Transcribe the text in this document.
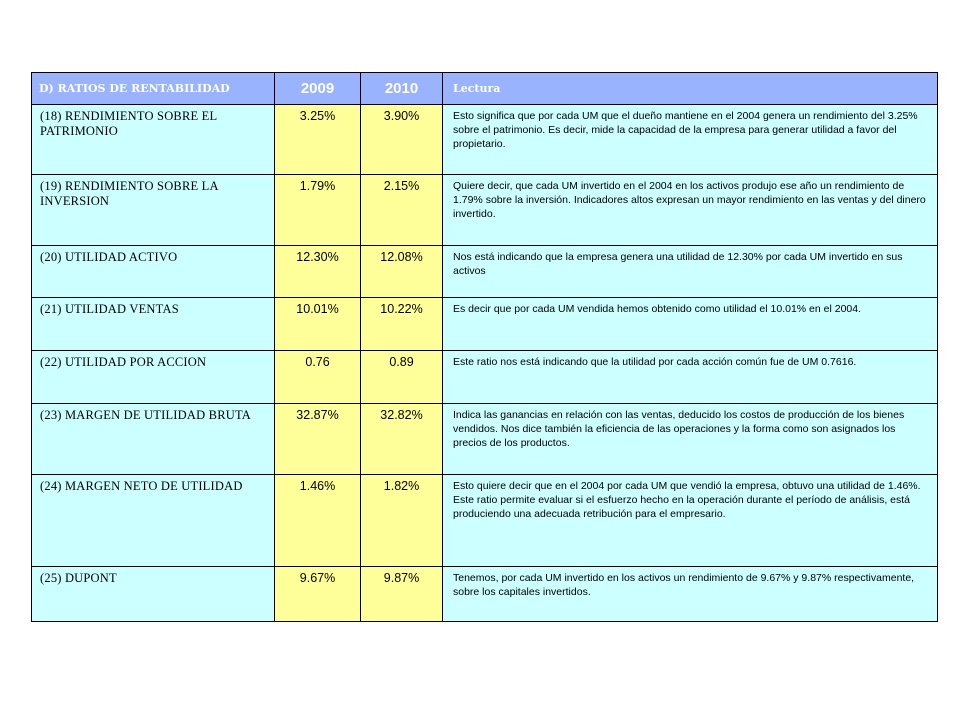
D) RATIOS DE RENTABILIDAD	2009	2010	Lectura
(18) RENDIMIENTO SOBRE EL PATRIMONIO	3.25%	3.90%	Esto significa que por cada UM que el dueño mantiene en el 2004 genera un rendimiento del 3.25% sobre el patrimonio. Es decir, mide la capacidad de la empresa para generar utilidad a favor del propietario.
(19) RENDIMIENTO SOBRE LA INVERSION	1.79%	2.15%	Quiere decir, que cada UM invertido en el 2004 en los activos produjo ese año un rendimiento de 1.79% sobre la inversión. Indicadores altos expresan un mayor rendimiento en las ventas y del dinero invertido.
(20) UTILIDAD ACTIVO	12.30%	12.08%	Nos está indicando que la empresa genera una utilidad de 12.30% por cada UM invertido en sus activos
(21) UTILIDAD VENTAS	10.01%	10.22%	Es decir que por cada UM vendida hemos obtenido como utilidad el 10.01% en el 2004.
(22) UTILIDAD POR ACCION	0.76	0.89	Este ratio nos está indicando que la utilidad por cada acción común fue de UM 0.7616.
(23) MARGEN DE UTILIDAD BRUTA	32.87%	32.82%	Indica las ganancias en relación con las ventas, deducido los costos de producción de los bienes vendidos. Nos dice también la eficiencia de las operaciones y la forma como son asignados los precios de los productos.
(24) MARGEN NETO DE UTILIDAD	1.46%	1.82%	Esto quiere decir que en el 2004 por cada UM que vendió la empresa, obtuvo una utilidad de 1.46%. Este ratio permite evaluar si el esfuerzo hecho en la operación durante el período de análisis, está produciendo una adecuada retribución para el empresario.
(25) DUPONT	9.67%	9.87%	Tenemos, por cada UM invertido en los activos un rendimiento de 9.67% y 9.87% respectivamente, sobre los capitales invertidos.
